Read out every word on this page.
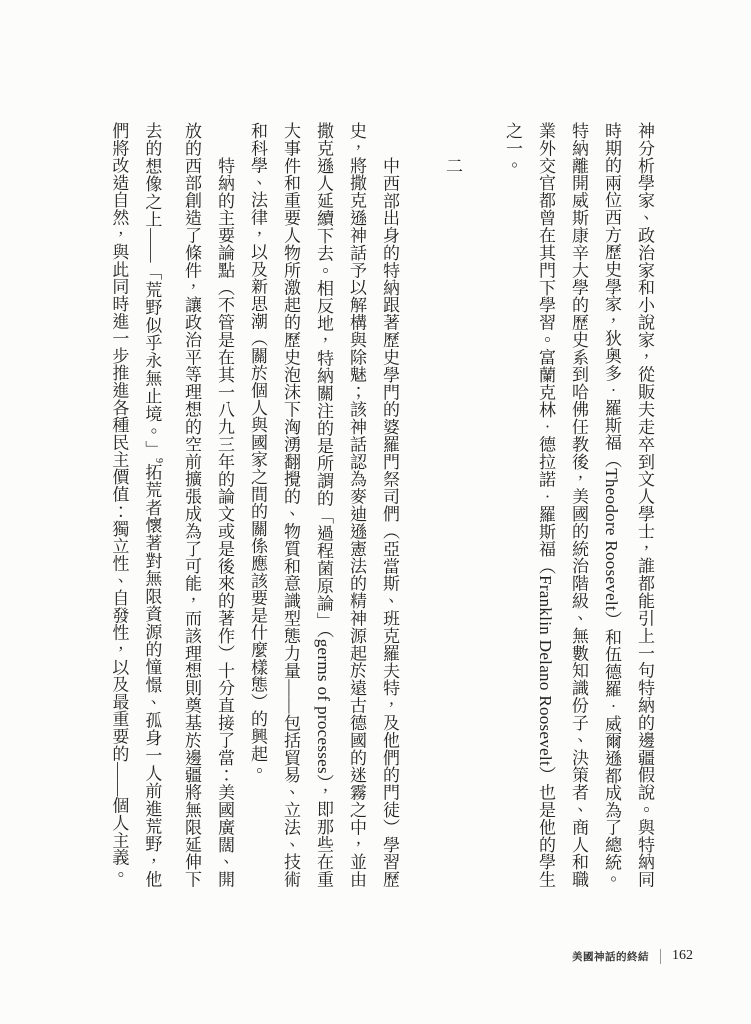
神分析學家、政治家和小說家，從販夫走卒到文人學士，誰都能引上一句特納的邊疆假說。與特納同時期的兩位西方歷史學家，狄奧多．羅斯福（Theodore Roosevelt）和伍德羅．威爾遜都成為了總統。特納離開威斯康辛大學的歷史系到哈佛任教後，美國的統治階級、無數知識份子、決策者、商人和職業外交官都曾在其門下學習。富蘭克林．德拉諾．羅斯福（Franklin Delano Roosevelt）也是他的學生之一。

二

中西部出身的特納跟著歷史學門的婆羅門祭司們（亞當斯、班克羅夫特，及他們的門徒）學習歷史，將撒克遜神話予以解構與除魅；該神話認為麥迪遜憲法的精神源起於遠古德國的迷霧之中，並由撒克遜人延續下去。相反地，特納關注的是所謂的「過程菌原論」（germs of processes），即那些在重大事件和重要人物所激起的歷史泡沫下洶湧翻攪的、物質和意識型態力量——包括貿易、立法、技術和科學、法律，以及新思潮（關於個人與國家之間的關係應該要是什麼樣態）的興起。

特納的主要論點（不管是在其一八九三年的論文或是後來的著作）十分直接了當：美國廣闊、開放的西部創造了條件，讓政治平等理想的空前擴張成為了可能，而該理想則奠基於邊疆將無限延伸下去的想像之上——「荒野似乎永無止境。」$^9$拓荒者懷著對無限資源的憧憬、孤身一人前進荒野，他們將改造自然，與此同時進一步推進各種民主價值：獨立性、自發性，以及最重要的——個人主義。

美國神話的終結 162
